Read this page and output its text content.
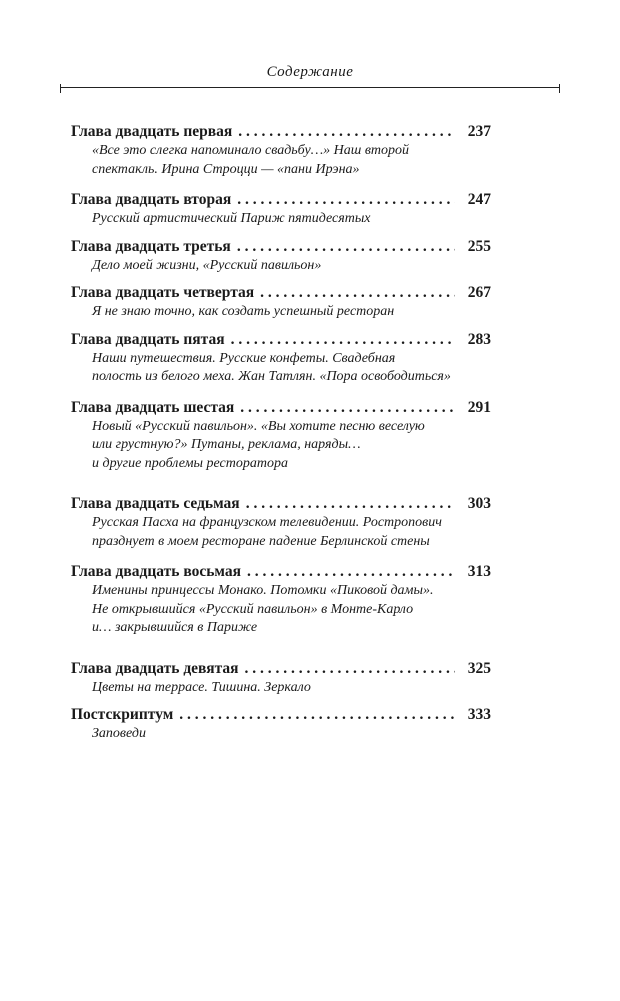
Содержание
Глава двадцать первая . . .	237
«Все это слегка напоминало свадьбу…» Наш второй
спектакль. Ирина Строцци — «пани Ирэна»
Глава двадцать вторая . . .	247
Русский артистический Париж пятидесятых
Глава двадцать третья . . .	255
Дело моей жизни, «Русский павильон»
Глава двадцать четвертая . . .	267
Я не знаю точно, как создать успешный ресторан
Глава двадцать пятая . . .	283
Наши путешествия. Русские конфеты. Свадебная
полость из белого меха. Жан Татлян. «Пора освободиться»
Глава двадцать шестая . . .	291
Новый «Русский павильон». «Вы хотите песню веселую
или грустную?» Путаны, реклама, наряды…
и другие проблемы ресторатора
Глава двадцать седьмая . . .	303
Русская Пасха на французском телевидении. Ростропович
празднует в моем ресторане падение Берлинской стены
Глава двадцать восьмая . . .	313
Именины принцессы Монако. Потомки «Пиковой дамы».
Не открывшийся «Русский павильон» в Монте-Карло
и… закрывшийся в Париже
Глава двадцать девятая . . .	325
Цветы на террасе. Тишина. Зеркало
Постскриптум . . .	333
Заповеди
